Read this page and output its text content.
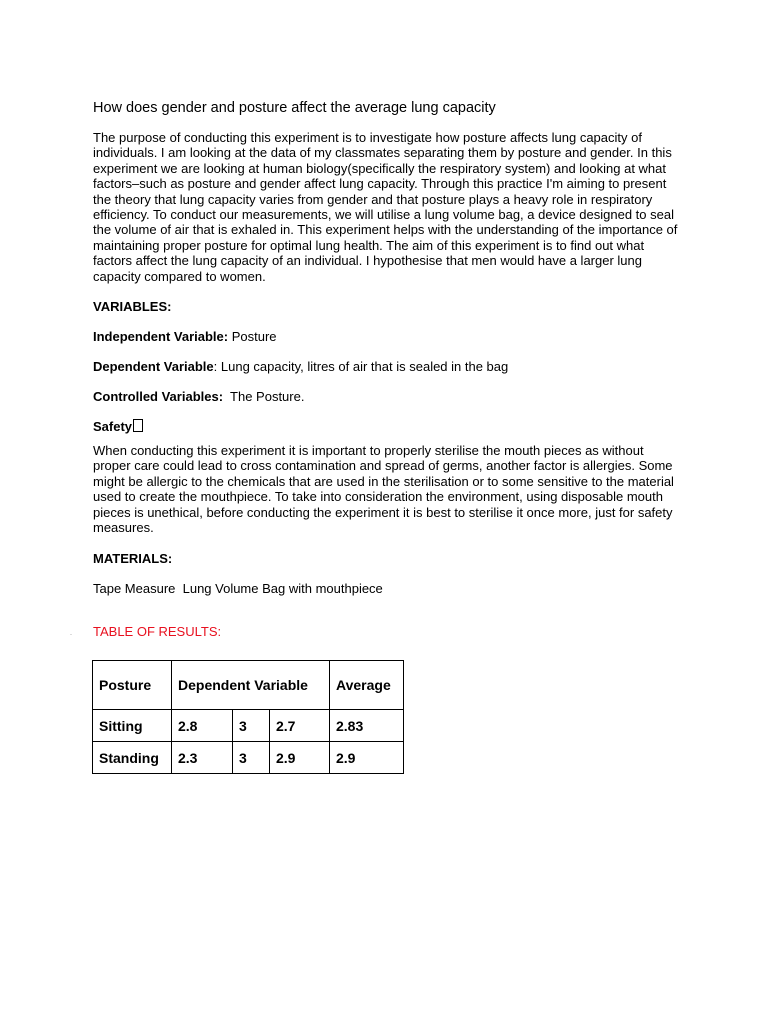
How does gender and posture affect the average lung capacity

The purpose of conducting this experiment is to investigate how posture affects lung capacity of individuals. I am looking at the data of my classmates separating them by posture and gender. In this experiment we are looking at human biology(specifically the respiratory system) and looking at what factors–such as posture and gender affect lung capacity. Through this practice I'm aiming to present the theory that lung capacity varies from gender and that posture plays a heavy role in respiratory efficiency. To conduct our measurements, we will utilise a lung volume bag, a device designed to seal the volume of air that is exhaled in. This experiment helps with the understanding of the importance of maintaining proper posture for optimal lung health. The aim of this experiment is to find out what factors affect the lung capacity of an individual. I hypothesise that men would have a larger lung capacity compared to women.

VARIABLES:

Independent Variable: Posture

Dependent Variable: Lung capacity, litres of air that is sealed in the bag

Controlled Variables:  The Posture.

Safety

When conducting this experiment it is important to properly sterilise the mouth pieces as without proper care could lead to cross contamination and spread of germs, another factor is allergies. Some might be allergic to the chemicals that are used in the sterilisation or to some sensitive to the material used to create the mouthpiece. To take into consideration the environment, using disposable mouth pieces is unethical, before conducting the experiment it is best to sterilise it once more, just for safety measures.

MATERIALS:

Tape Measure  Lung Volume Bag with mouthpiece

TABLE OF RESULTS:

·
Posture	Dependent Variable			Average
Sitting	2.8	3	2.7	2.83
Standing	2.3	3	2.9	2.9
